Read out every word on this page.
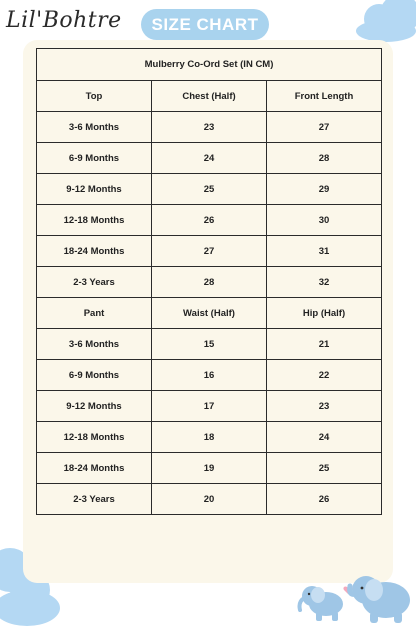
Lil'Bohtre	SIZE CHART
Mulberry Co-Ord Set (IN CM)		
Top	Chest (Half)	Front Length
3-6 Months	23	27
6-9 Months	24	28
9-12 Months	25	29
12-18 Months	26	30
18-24 Months	27	31
2-3 Years	28	32
Pant	Waist (Half)	Hip (Half)
3-6 Months	15	21
6-9 Months	16	22
9-12 Months	17	23
12-18 Months	18	24
18-24 Months	19	25
2-3 Years	20	26
